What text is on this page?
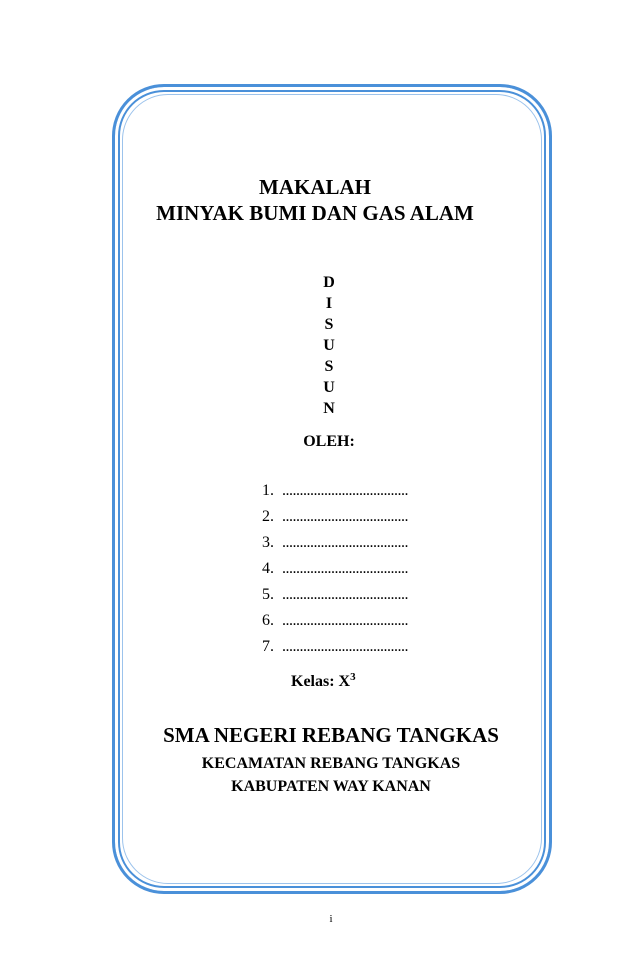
MAKALAH
MINYAK BUMI DAN GAS ALAM
D
I
S
U
S
U
N
OLEH:
1. ....................................
2. ....................................
3. ....................................
4. ....................................
5. ....................................
6. ....................................
7. ....................................
Kelas: $X^3$
SMA NEGERI REBANG TANGKAS
KECAMATAN REBANG TANGKAS
KABUPATEN WAY KANAN
i
